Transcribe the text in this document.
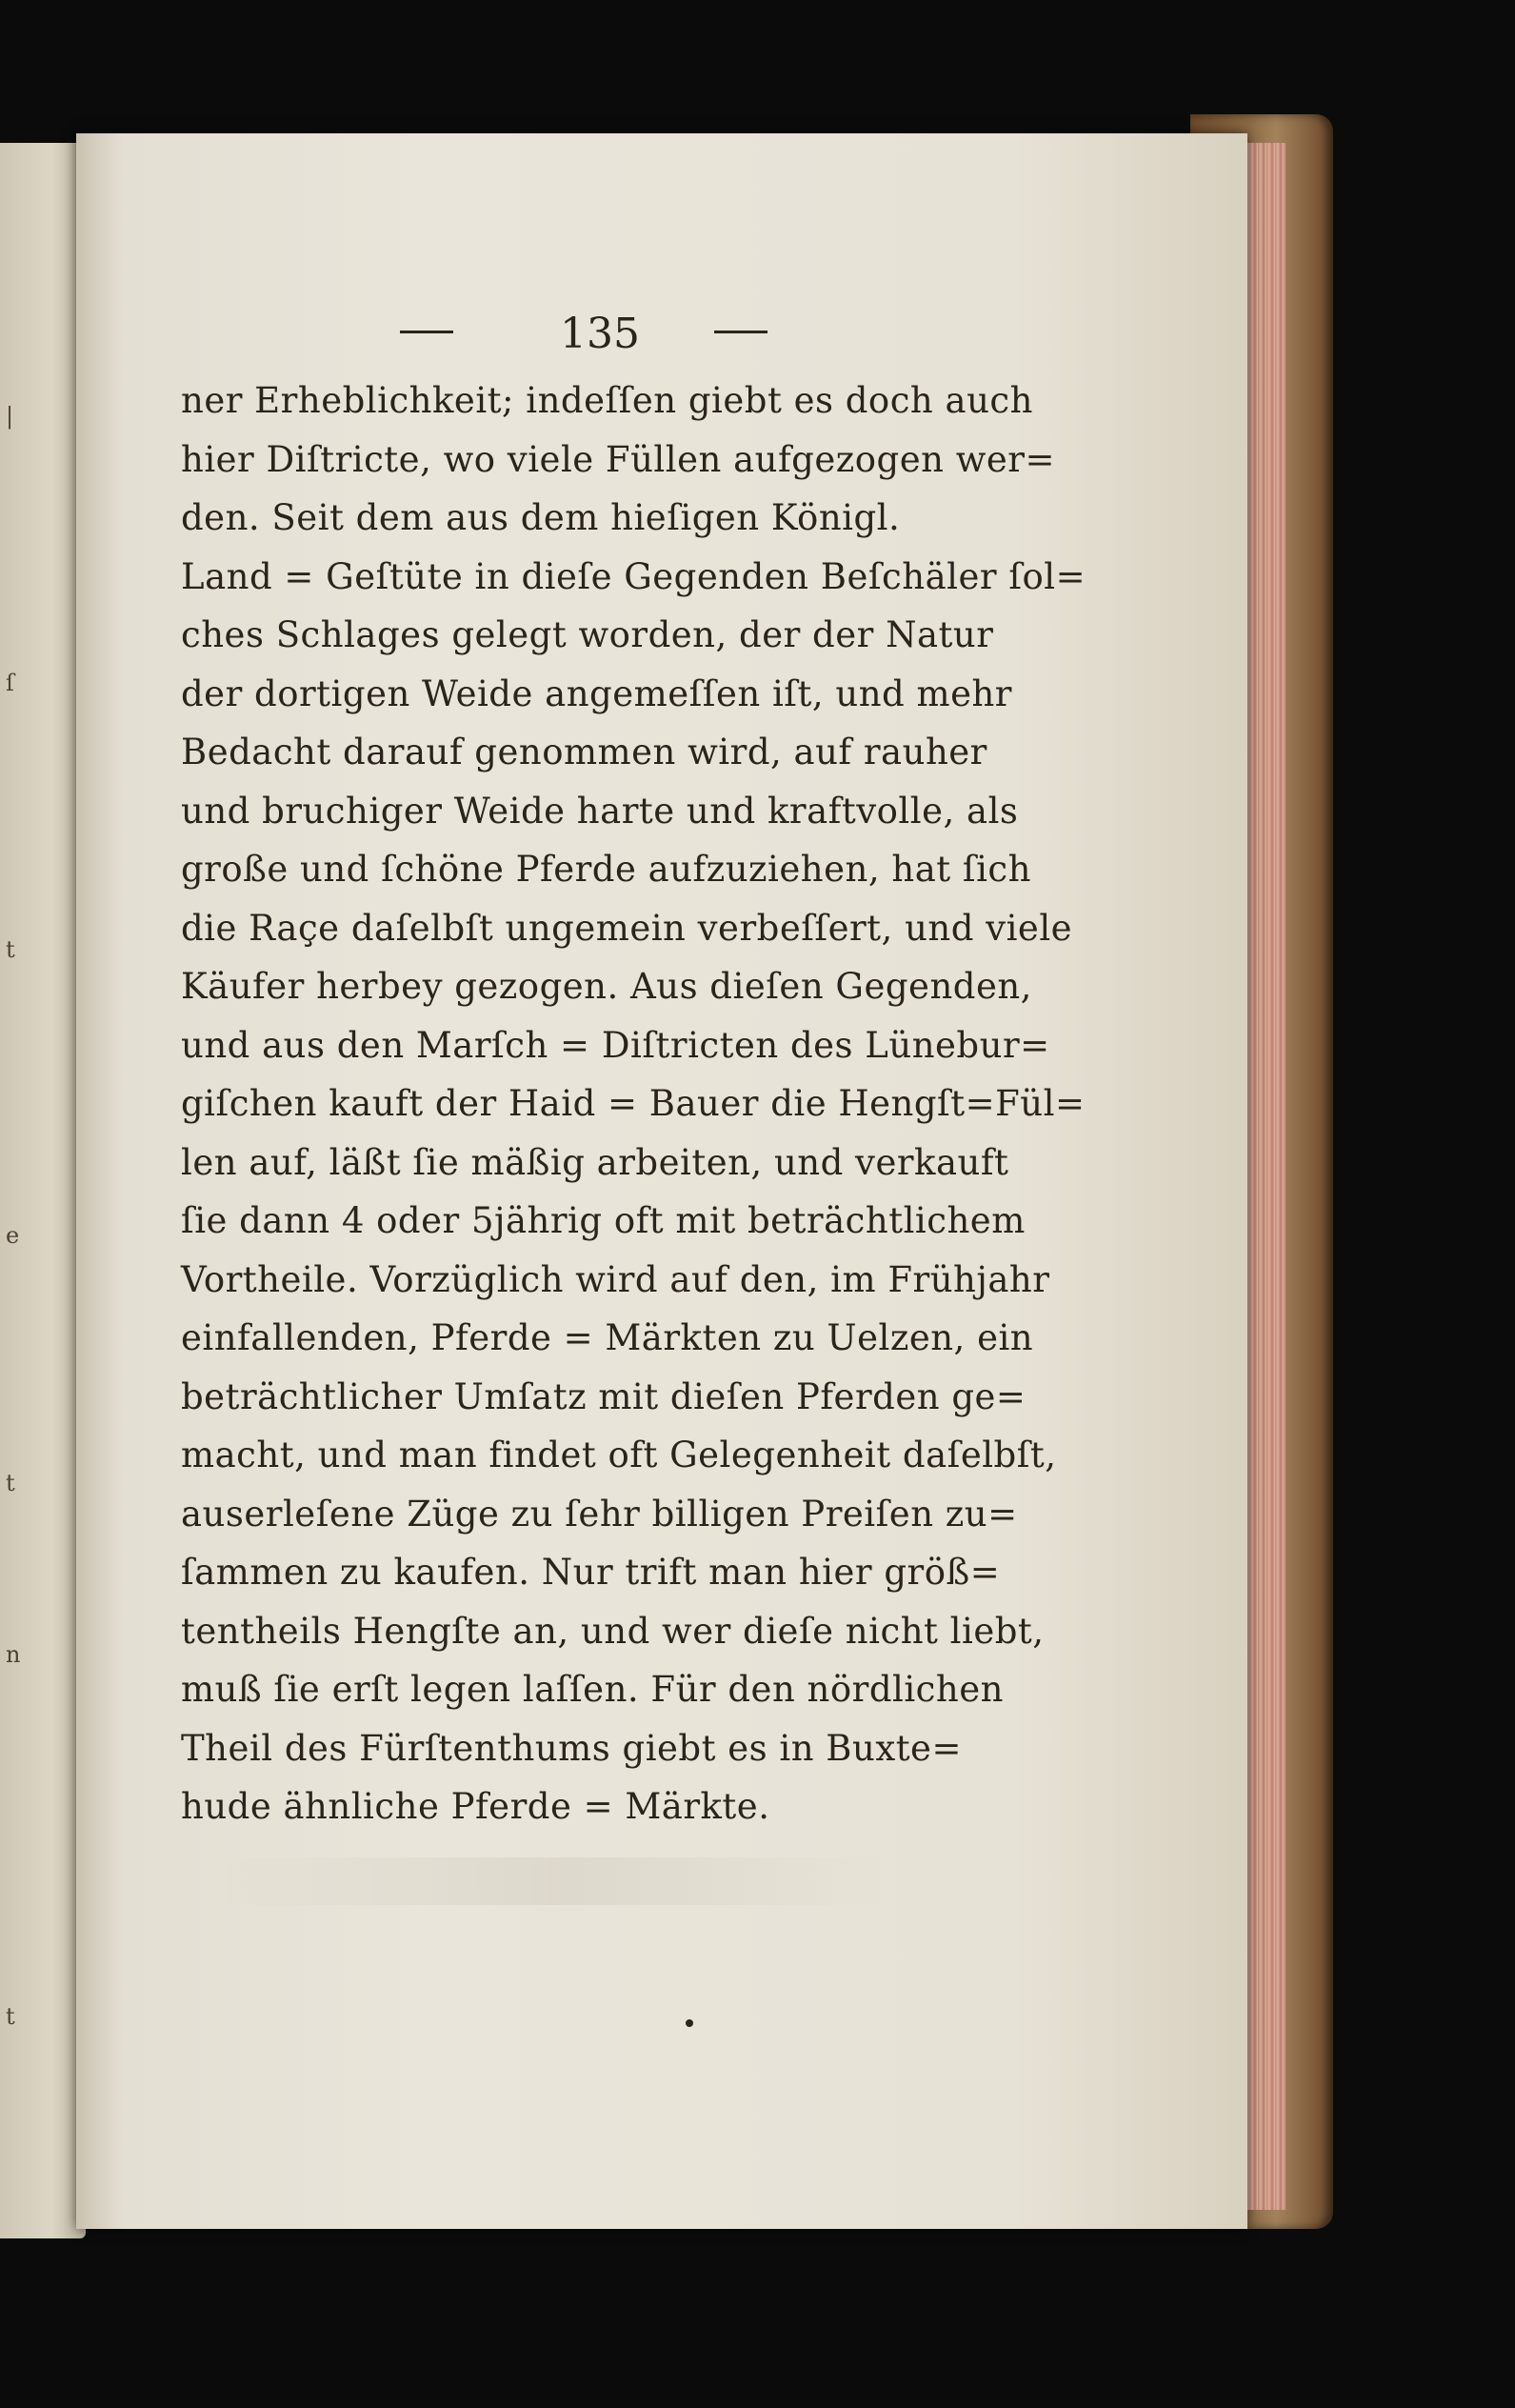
|
ſ
t
e
t
n
t
135
ner Erheblichkeit; indeſſen giebt es doch auch
hier Diſtricte, wo viele Füllen aufgezogen wer=
den. Seit dem aus dem hieſigen Königl.
Land = Geſtüte in dieſe Gegenden Beſchäler ſol=
ches Schlages gelegt worden, der der Natur
der dortigen Weide angemeſſen iſt, und mehr
Bedacht darauf genommen wird, auf rauher
und bruchiger Weide harte und kraftvolle, als
große und ſchöne Pferde aufzuziehen, hat ſich
die Raçe daſelbſt ungemein verbeſſert, und viele
Käufer herbey gezogen. Aus dieſen Gegenden,
und aus den Marſch = Diſtricten des Lünebur=
giſchen kauft der Haid = Bauer die Hengſt=Fül=
len auf, läßt ſie mäßig arbeiten, und verkauft
ſie dann 4 oder 5jährig oft mit beträchtlichem
Vortheile. Vorzüglich wird auf den, im Frühjahr
einfallenden, Pferde = Märkten zu Uelzen, ein
beträchtlicher Umſatz mit dieſen Pferden ge=
macht, und man findet oft Gelegenheit daſelbſt,
auserleſene Züge zu ſehr billigen Preiſen zu=
ſammen zu kaufen. Nur trift man hier größ=
tentheils Hengſte an, und wer dieſe nicht liebt,
muß ſie erſt legen laſſen. Für den nördlichen
Theil des Fürſtenthums giebt es in Buxte=
hude ähnliche Pferde = Märkte.
